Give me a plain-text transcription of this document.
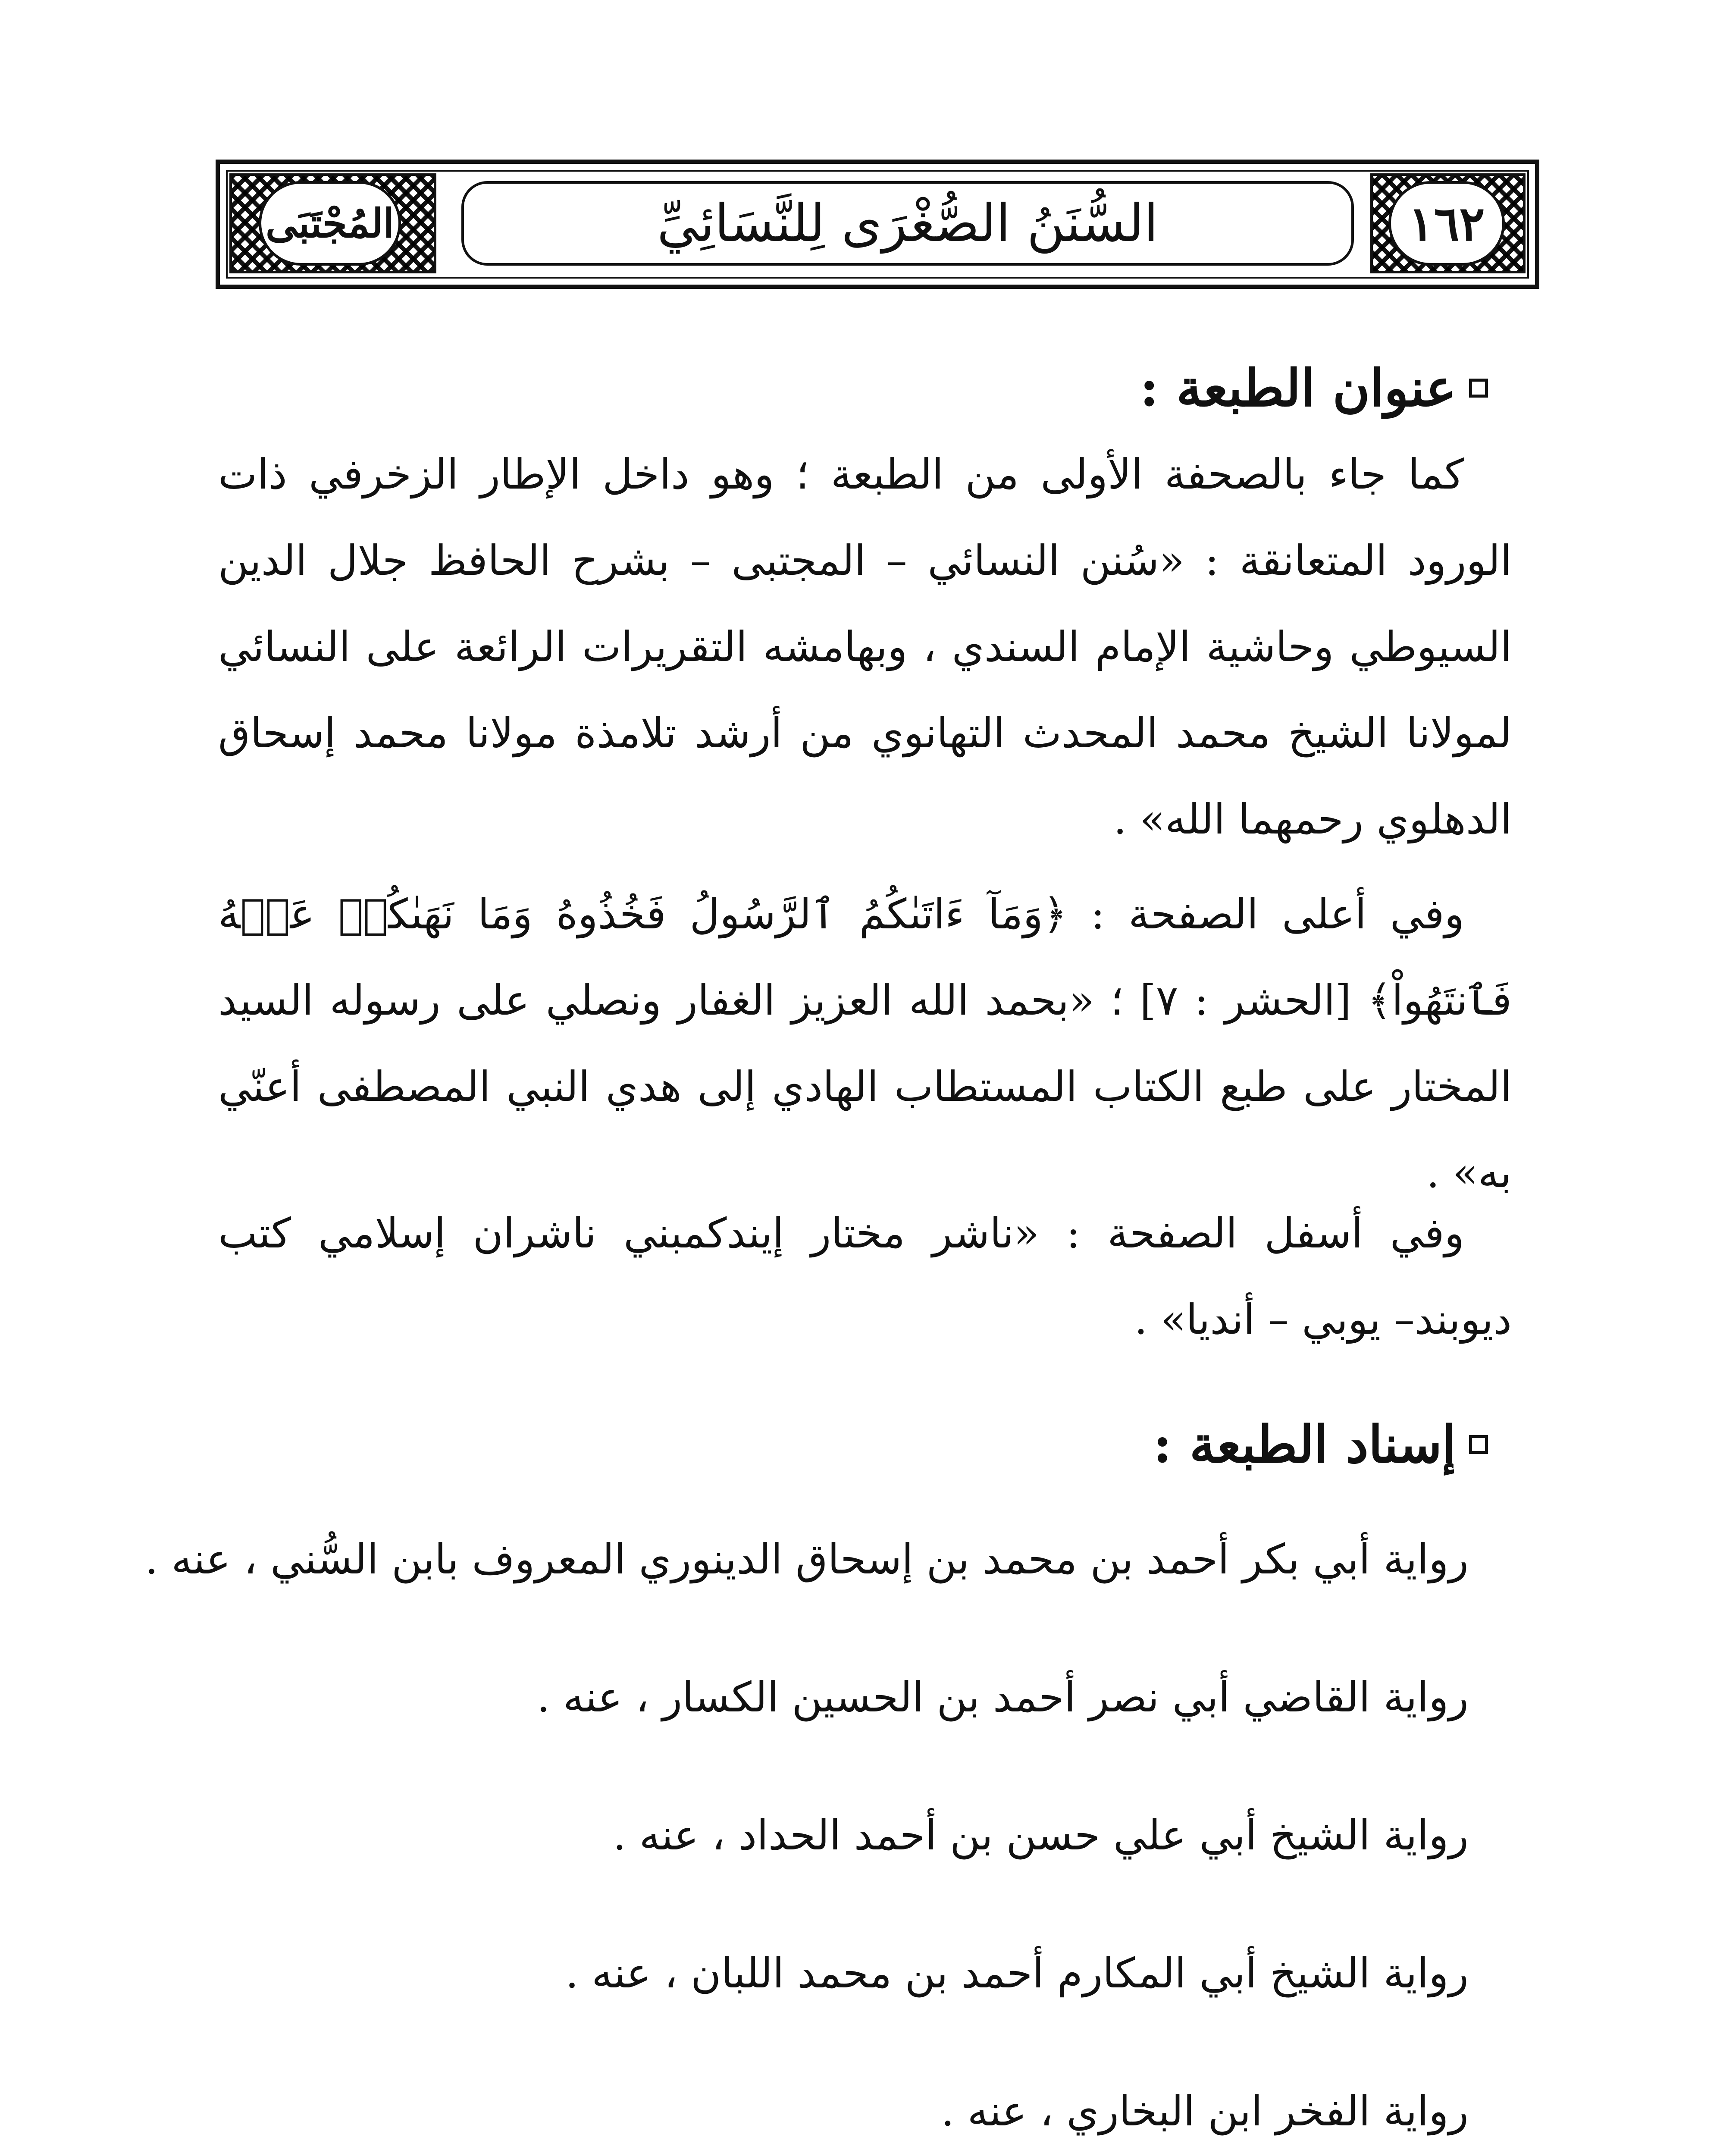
١٦٢
السُّنَنُ الصُّغْرَى لِلنَّسَائِيِّ
المُجْتَبَى
عنوان الطبعة :

كما جاء بالصحفة الأولى من الطبعة ؛ وهو داخل الإطار الزخرفي ذات الورود المتعانقة : «سُنن النسائي – المجتبى – بشرح الحافظ جلال الدين السيوطي وحاشية الإمام السندي ، وبهامشه التقريرات الرائعة على النسائي لمولانا الشيخ محمد المحدث التهانوي من أرشد تلامذة مولانا محمد إسحاق الدهلوي رحمهما الله» .

وفي أعلى الصفحة : ﴿وَمَآ ءَاتَىٰكُمُ ٱلرَّسُولُ فَخُذُوهُ وَمَا نَهَىٰكُمۡ عَنۡهُ فَٱنتَهُواْ﴾ [الحشر : ٧] ؛ «بحمد الله العزيز الغفار ونصلي على رسوله السيد المختار على طبع الكتاب المستطاب الهادي إلى هدي النبي المصطفى أعنّي به» .

وفي أسفل الصفحة : «ناشر مختار إيندكمبني ناشران إسلامي كتب ديوبند– يوبي – أنديا» .

إسناد الطبعة :
رواية أبي بكر أحمد بن محمد بن إسحاق الدينوري المعروف بابن السُّني ، عنه .
رواية القاضي أبي نصر أحمد بن الحسين الكسار ، عنه .
رواية الشيخ أبي علي حسن بن أحمد الحداد ، عنه .
رواية الشيخ أبي المكارم أحمد بن محمد اللبان ، عنه .
رواية الفخر ابن البخاري ، عنه .
